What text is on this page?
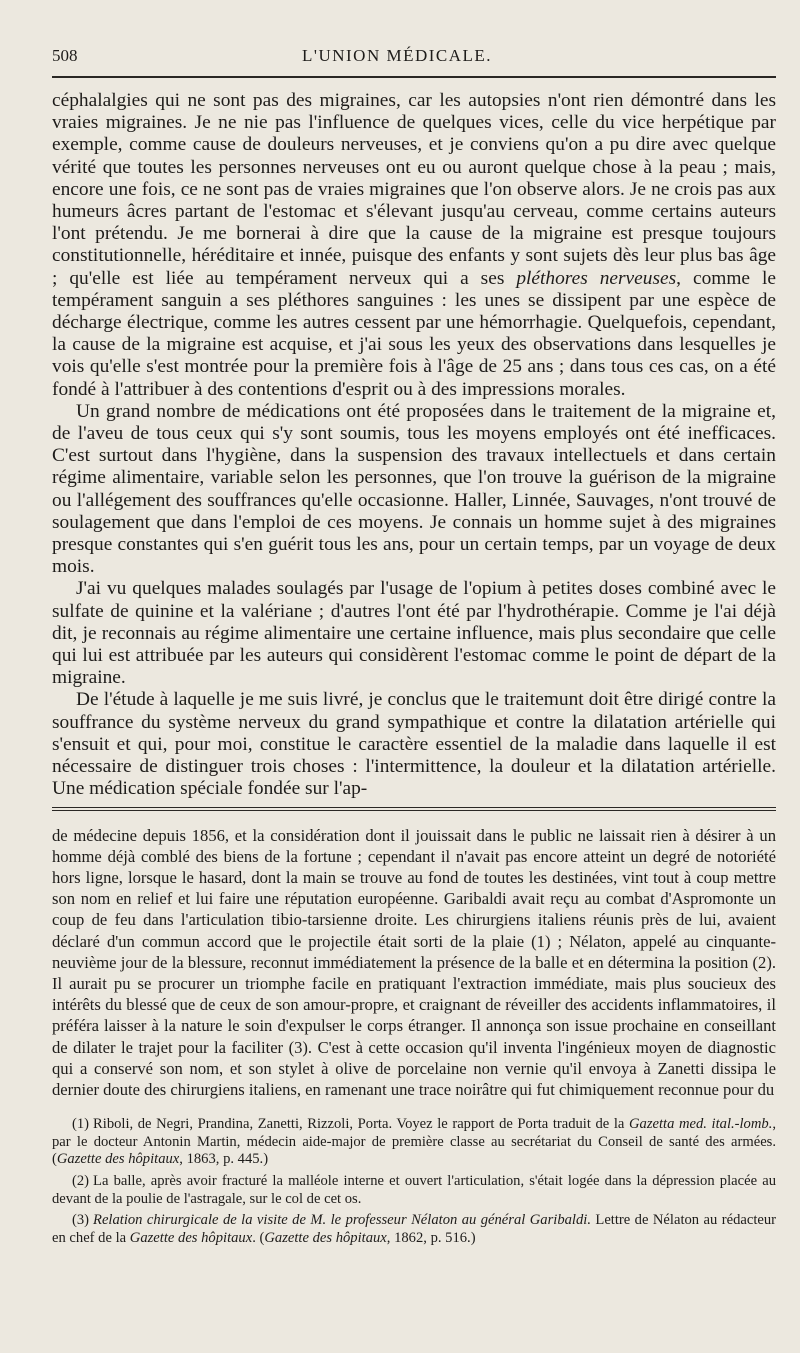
508	L'UNION MÉDICALE.

céphalalgies qui ne sont pas des migraines, car les autopsies n'ont rien démontré dans les vraies migraines. Je ne nie pas l'influence de quelques vices, celle du vice herpétique par exemple, comme cause de douleurs nerveuses, et je conviens qu'on a pu dire avec quelque vérité que toutes les personnes nerveuses ont eu ou auront quelque chose à la peau ; mais, encore une fois, ce ne sont pas de vraies migraines que l'on observe alors. Je ne crois pas aux humeurs âcres partant de l'estomac et s'élevant jusqu'au cerveau, comme certains auteurs l'ont prétendu. Je me bornerai à dire que la cause de la migraine est presque toujours constitutionnelle, héréditaire et innée, puisque des enfants y sont sujets dès leur plus bas âge ; qu'elle est liée au tempérament nerveux qui a ses pléthores nerveuses, comme le tempérament sanguin a ses pléthores sanguines : les unes se dissipent par une espèce de décharge électrique, comme les autres cessent par une hémorrhagie. Quelquefois, cependant, la cause de la migraine est acquise, et j'ai sous les yeux des observations dans lesquelles je vois qu'elle s'est montrée pour la première fois à l'âge de 25 ans ; dans tous ces cas, on a été fondé à l'attribuer à des contentions d'esprit ou à des impressions morales.

Un grand nombre de médications ont été proposées dans le traitement de la migraine et, de l'aveu de tous ceux qui s'y sont soumis, tous les moyens employés ont été inefficaces. C'est surtout dans l'hygiène, dans la suspension des travaux intellectuels et dans certain régime alimentaire, variable selon les personnes, que l'on trouve la guérison de la migraine ou l'allégement des souffrances qu'elle occasionne. Haller, Linnée, Sauvages, n'ont trouvé de soulagement que dans l'emploi de ces moyens. Je connais un homme sujet à des migraines presque constantes qui s'en guérit tous les ans, pour un certain temps, par un voyage de deux mois.

J'ai vu quelques malades soulagés par l'usage de l'opium à petites doses combiné avec le sulfate de quinine et la valériane ; d'autres l'ont été par l'hydrothérapie. Comme je l'ai déjà dit, je reconnais au régime alimentaire une certaine influence, mais plus secondaire que celle qui lui est attribuée par les auteurs qui considèrent l'estomac comme le point de départ de la migraine.

De l'étude à laquelle je me suis livré, je conclus que le traitemunt doit être dirigé contre la souffrance du système nerveux du grand sympathique et contre la dilatation artérielle qui s'ensuit et qui, pour moi, constitue le caractère essentiel de la maladie dans laquelle il est nécessaire de distinguer trois choses : l'intermittence, la douleur et la dilatation artérielle. Une médication spéciale fondée sur l'ap-

de médecine depuis 1856, et la considération dont il jouissait dans le public ne laissait rien à désirer à un homme déjà comblé des biens de la fortune ; cependant il n'avait pas encore atteint un degré de notoriété hors ligne, lorsque le hasard, dont la main se trouve au fond de toutes les destinées, vint tout à coup mettre son nom en relief et lui faire une réputation européenne. Garibaldi avait reçu au combat d'Aspromonte un coup de feu dans l'articulation tibio-tarsienne droite. Les chirurgiens italiens réunis près de lui, avaient déclaré d'un commun accord que le projectile était sorti de la plaie (1) ; Nélaton, appelé au cinquante-neuvième jour de la blessure, reconnut immédiatement la présence de la balle et en détermina la position (2). Il aurait pu se procurer un triomphe facile en pratiquant l'extraction immédiate, mais plus soucieux des intérêts du blessé que de ceux de son amour-propre, et craignant de réveiller des accidents inflammatoires, il préféra laisser à la nature le soin d'expulser le corps étranger. Il annonça son issue prochaine en conseillant de dilater le trajet pour la faciliter (3). C'est à cette occasion qu'il inventa l'ingénieux moyen de diagnostic qui a conservé son nom, et son stylet à olive de porcelaine non vernie qu'il envoya à Zanetti dissipa le dernier doute des chirurgiens italiens, en ramenant une trace noirâtre qui fut chimiquement reconnue pour du

(1) Riboli, de Negri, Prandina, Zanetti, Rizzoli, Porta. Voyez le rapport de Porta traduit de la Gazetta med. ital.-lomb., par le docteur Antonin Martin, médecin aide-major de première classe au secrétariat du Conseil de santé des armées. (Gazette des hôpitaux, 1863, p. 445.)

(2) La balle, après avoir fracturé la malléole interne et ouvert l'articulation, s'était logée dans la dépression placée au devant de la poulie de l'astragale, sur le col de cet os.

(3) Relation chirurgicale de la visite de M. le professeur Nélaton au général Garibaldi. Lettre de Nélaton au rédacteur en chef de la Gazette des hôpitaux. (Gazette des hôpitaux, 1862, p. 516.)
